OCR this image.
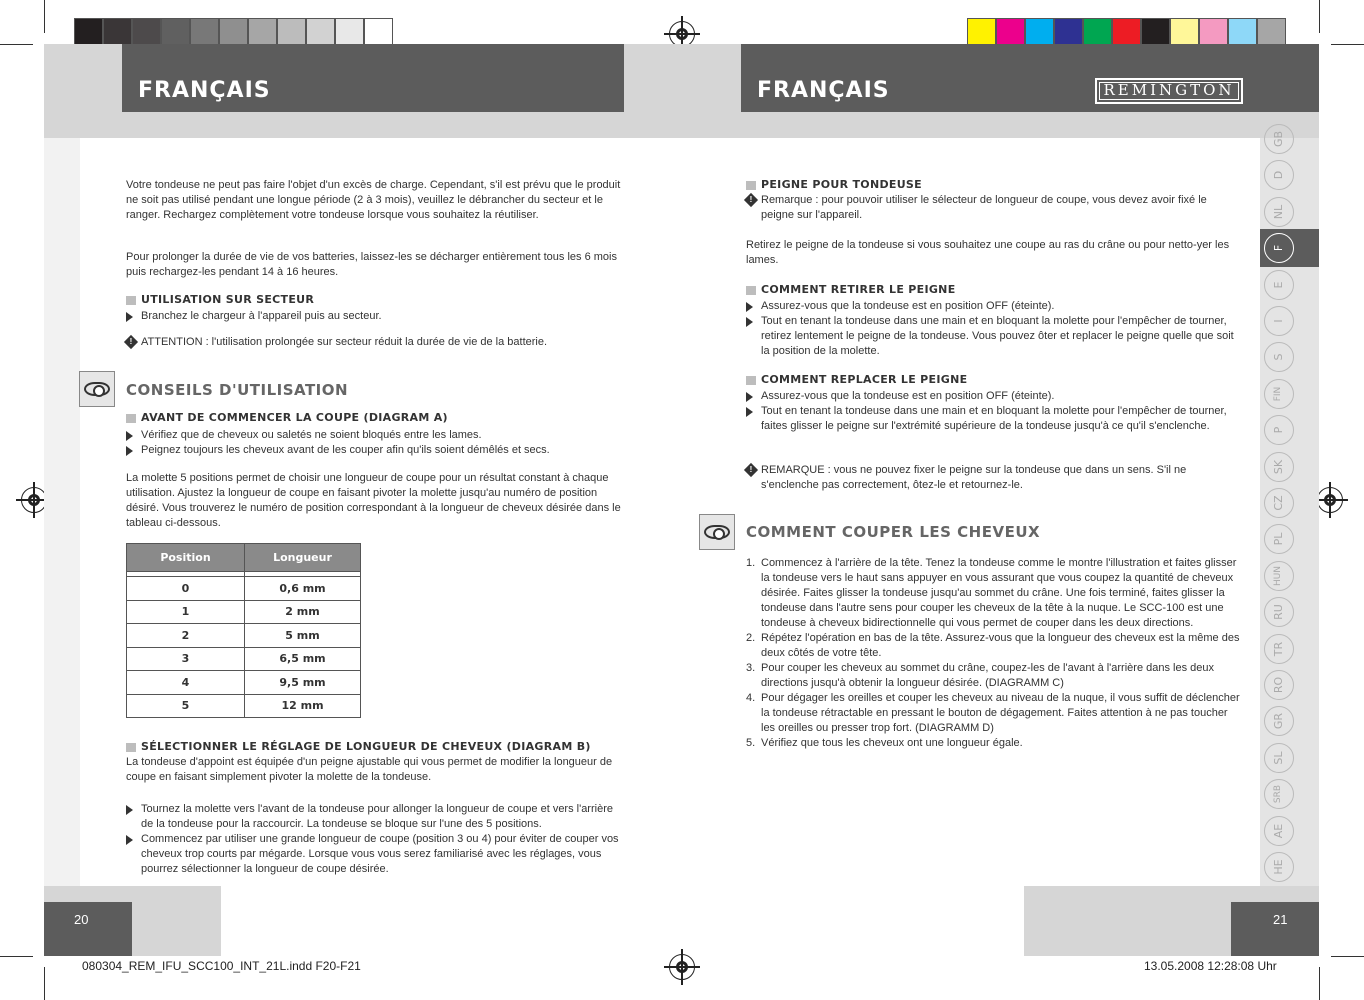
FRANÇAIS	FRANÇAIS	REMINGTON
Votre tondeuse ne peut pas faire l'objet d'un excès de charge. Cependant, s'il est prévu que le produit ne soit pas utilisé pendant une longue période (2 à 3 mois), veuillez le débrancher du secteur et le ranger. Rechargez complètement votre tondeuse lorsque vous souhaitez la réutiliser.
Pour prolonger la durée de vie de vos batteries, laissez-les se décharger entièrement tous les 6 mois puis rechargez-les pendant 14 à 16 heures.
UTILISATION SUR SECTEUR
Branchez le chargeur à l'appareil puis au secteur.
! ATTENTION : l'utilisation prolongée sur secteur réduit la durée de vie de la batterie.
CONSEILS D'UTILISATION
AVANT DE COMMENCER LA COUPE (DIAGRAM A)
Vérifiez que de cheveux ou saletés ne soient bloqués entre les lames.
Peignez toujours les cheveux avant de les couper afin qu'ils soient démêlés et secs.
La molette 5 positions permet de choisir une longueur de coupe pour un résultat constant à chaque utilisation. Ajustez la longueur de coupe en faisant pivoter la molette jusqu'au numéro de position désiré. Vous trouverez le numéro de position correspondant à la longueur de cheveux désirée dans le tableau ci-dessous.
Position	Longueur

0	0,6 mm
1	2 mm
2	5 mm
3	6,5 mm
4	9,5 mm
5	12 mm
SÉLECTIONNER LE RÉGLAGE DE LONGUEUR DE CHEVEUX (DIAGRAM B)
La tondeuse d'appoint est équipée d'un peigne ajustable qui vous permet de modifier la longueur de coupe en faisant simplement pivoter la molette de la tondeuse.
Tournez la molette vers l'avant de la tondeuse pour allonger la longueur de coupe et vers l'arrière de la tondeuse pour la raccourcir. La tondeuse se bloque sur l'une des 5 positions.
Commencez par utiliser une grande longueur de coupe (position 3 ou 4) pour éviter de couper vos cheveux trop courts par mégarde. Lorsque vous vous serez familiarisé avec les réglages, vous pourrez sélectionner la longueur de coupe désirée.
PEIGNE POUR TONDEUSE
! Remarque : pour pouvoir utiliser le sélecteur de longueur de coupe, vous devez avoir fixé le peigne sur l'appareil.
Retirez le peigne de la tondeuse si vous souhaitez une coupe au ras du crâne ou pour netto-yer les lames.
COMMENT RETIRER LE PEIGNE
Assurez-vous que la tondeuse est en position OFF (éteinte).
Tout en tenant la tondeuse dans une main et en bloquant la molette pour l'empêcher de tourner, retirez lentement le peigne de la tondeuse. Vous pouvez ôter et replacer le peigne quelle que soit la position de la molette.
COMMENT REPLACER LE PEIGNE
Assurez-vous que la tondeuse est en position OFF (éteinte).
Tout en tenant la tondeuse dans une main et en bloquant la molette pour l'empêcher de tourner, faites glisser le peigne sur l'extrémité supérieure de la tondeuse jusqu'à ce qu'il s'enclenche.
! REMARQUE : vous ne pouvez fixer le peigne sur la tondeuse que dans un sens. S'il ne s'enclenche pas correctement, ôtez-le et retournez-le.
COMMENT COUPER LES CHEVEUX
1. Commencez à l'arrière de la tête. Tenez la tondeuse comme le montre l'illustration et faites glisser la tondeuse vers le haut sans appuyer en vous assurant que vous coupez la quantité de cheveux désirée. Faites glisser la tondeuse jusqu'au sommet du crâne. Une fois terminé, faites glisser la tondeuse dans l'autre sens pour couper les cheveux de la tête à la nuque. Le SCC-100 est une tondeuse à cheveux bidirectionnelle qui vous permet de couper dans les deux directions.
2. Répétez l'opération en bas de la tête. Assurez-vous que la longueur des cheveux est la même des deux côtés de votre tête.
3. Pour couper les cheveux au sommet du crâne, coupez-les de l'avant à l'arrière dans les deux directions jusqu'à obtenir la longueur désirée. (DIAGRAMM C)
4. Pour dégager les oreilles et couper les cheveux au niveau de la nuque, il vous suffit de déclencher la tondeuse rétractable en pressant le bouton de dégagement. Faites attention à ne pas toucher les oreilles ou presser trop fort. (DIAGRAMM D)
5. Vérifiez que tous les cheveux ont une longueur égale.
GB
D
NL
F
E
I
S
FIN
P
SK
CZ
PL
HUN
RU
TR
RO
GR
SL
SRB
AE
HE
20	21
080304_REM_IFU_SCC100_INT_21L.indd F20-F21	13.05.2008 12:28:08 Uhr
